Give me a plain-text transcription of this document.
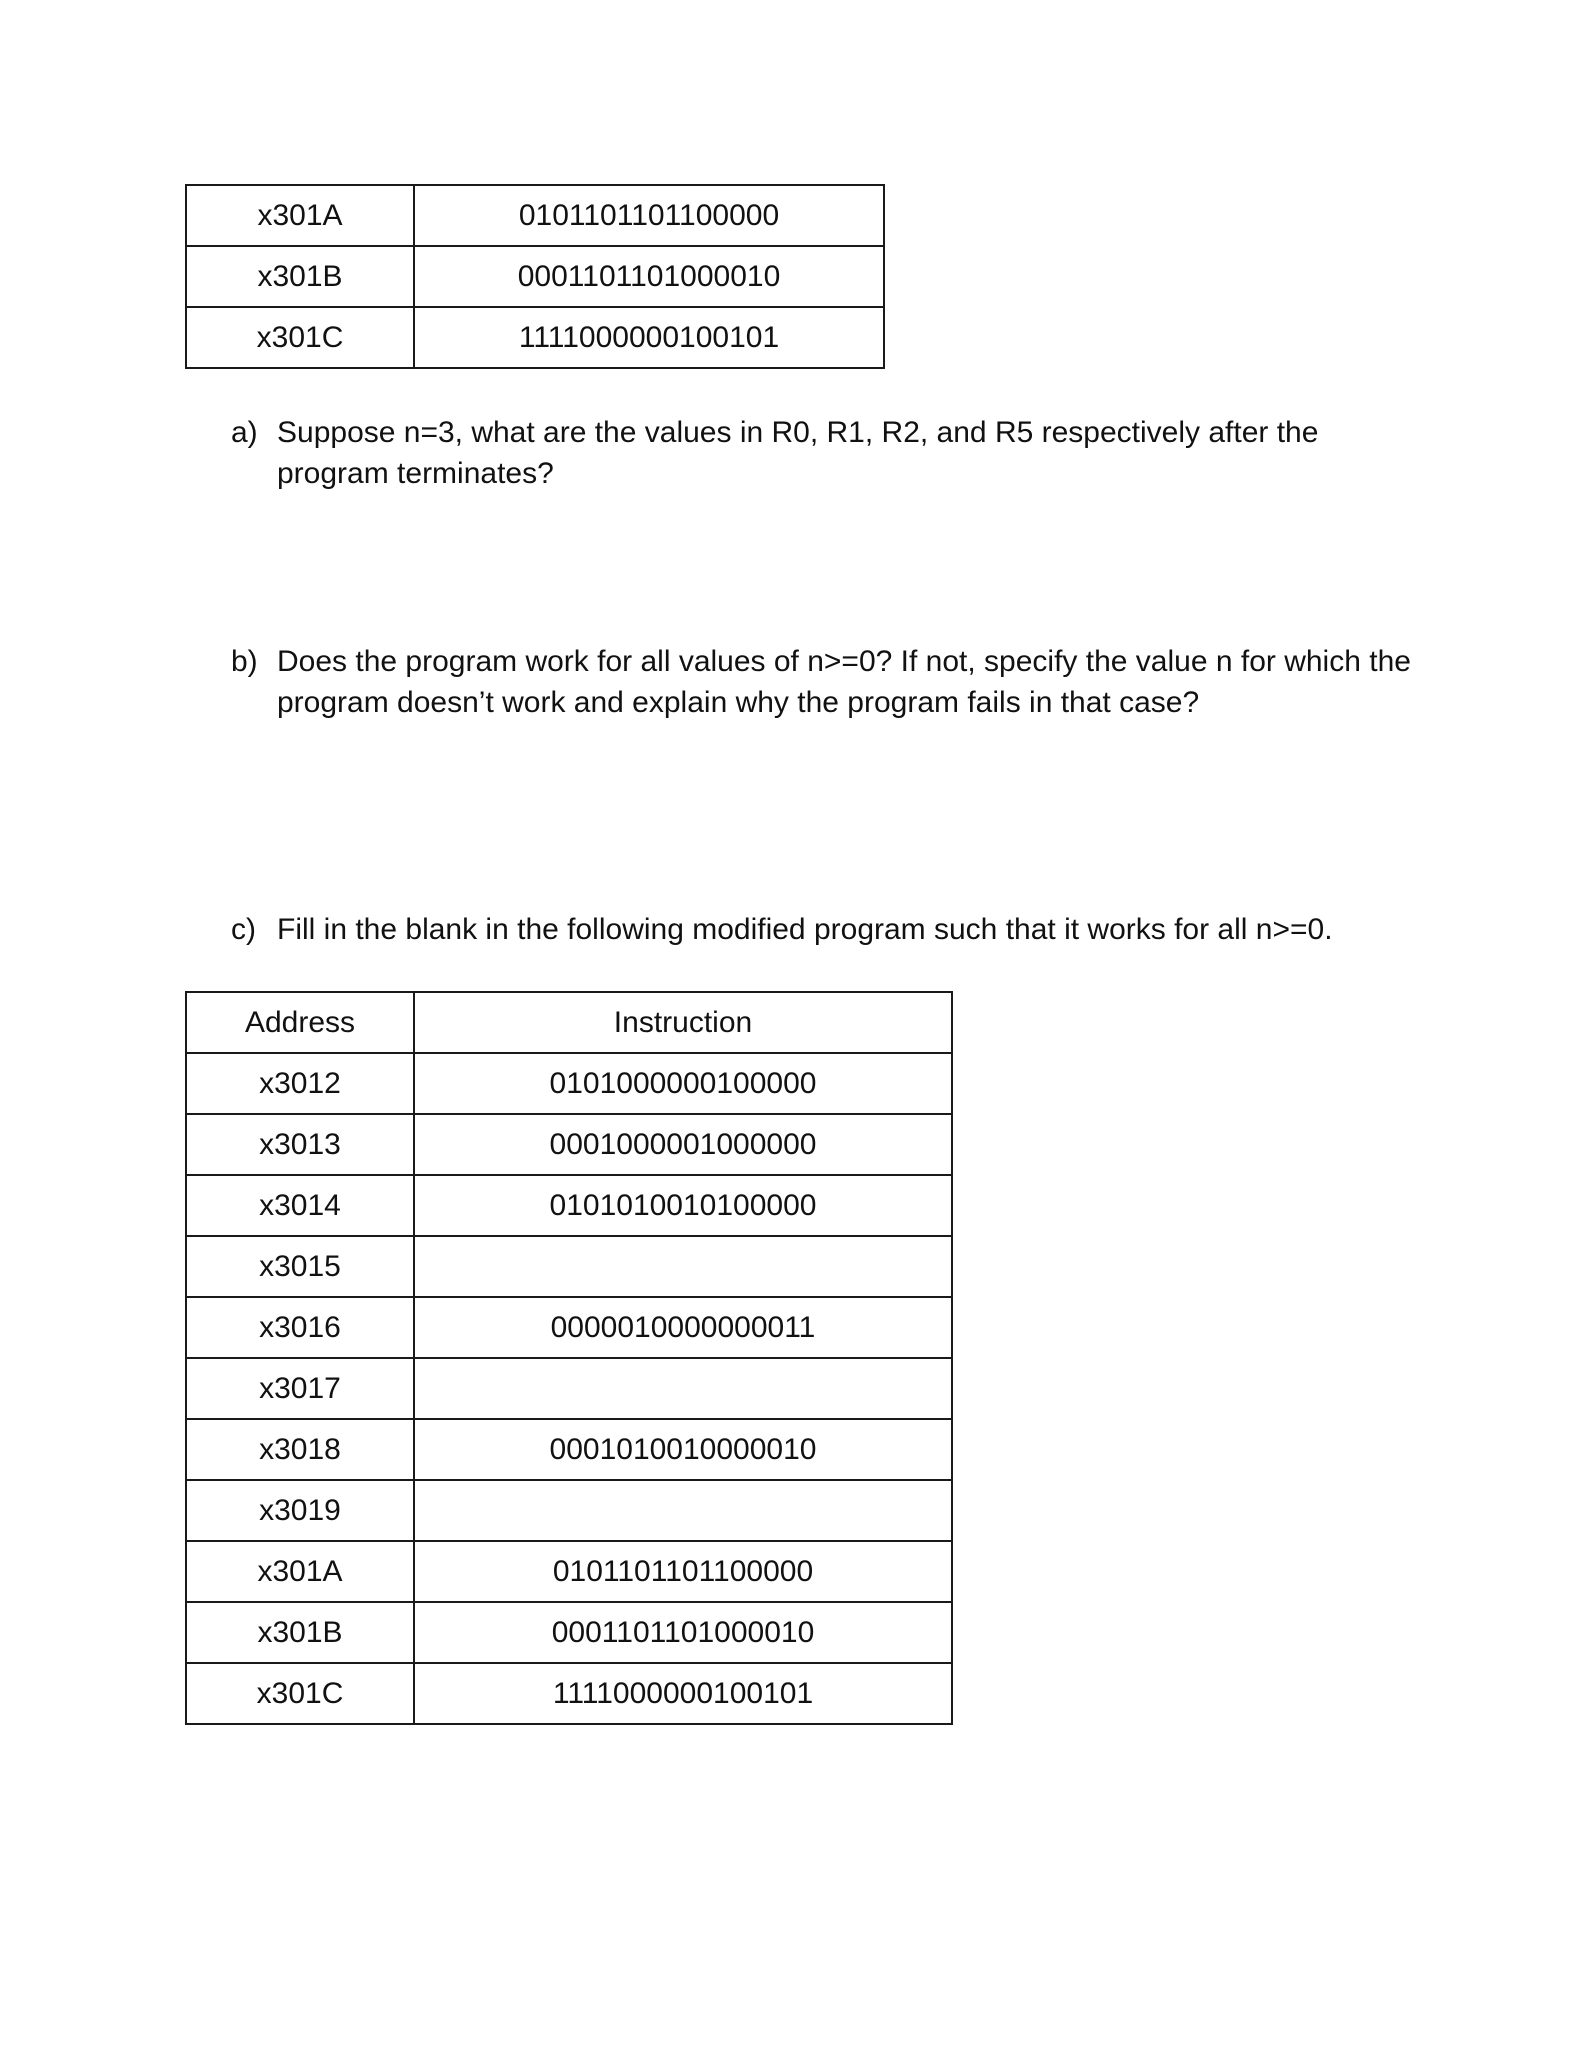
x301A	0101101101100000
x301B	0001101101000010
x301C	1111000000100101

a) Suppose n=3, what are the values in R0, R1, R2, and R5 respectively after the program terminates?

b) Does the program work for all values of n>=0? If not, specify the value n for which the program doesn’t work and explain why the program fails in that case?

c) Fill in the blank in the following modified program such that it works for all n>=0.

Address	Instruction
x3012	0101000000100000
x3013	0001000001000000
x3014	0101010010100000
x3015	
x3016	0000010000000011
x3017	
x3018	0001010010000010
x3019	
x301A	0101101101100000
x301B	0001101101000010
x301C	1111000000100101
